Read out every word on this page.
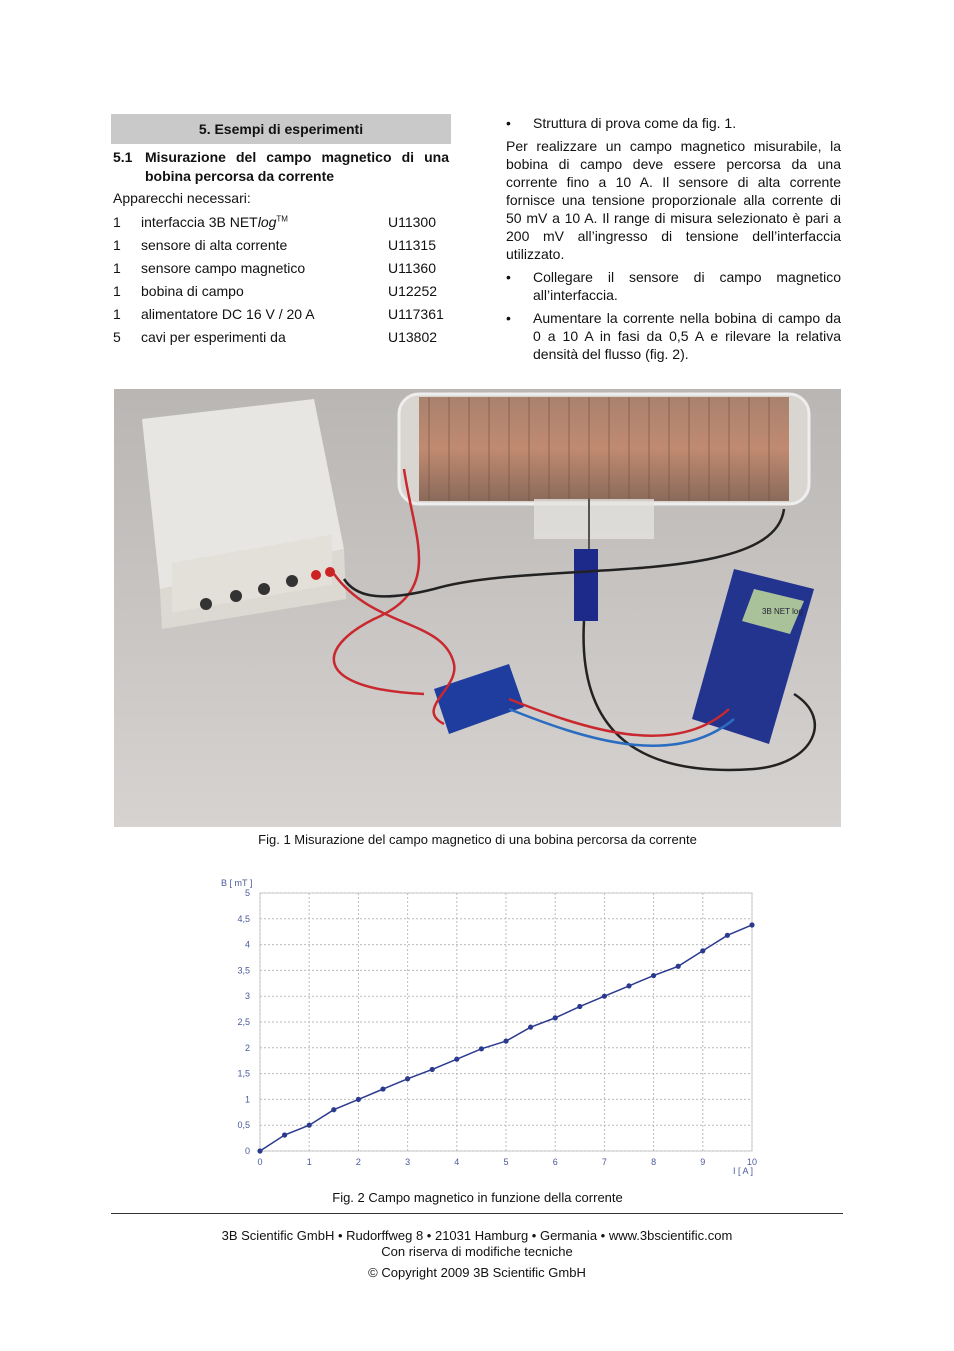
5. Esempi di esperimenti
5.1 Misurazione del campo magnetico di una bobina percorsa da corrente
Apparecchi necessari:
1	interfaccia 3B NETlog™	U11300
1	sensore di alta corrente	U11315
1	sensore campo magnetico	U11360
1	bobina di campo	U12252
1	alimentatore DC 16 V / 20 A	U117361
5	cavi per esperimenti da	U13802
• Struttura di prova come da fig. 1.
Per realizzare un campo magnetico misurabile, la bobina di campo deve essere percorsa da una corrente fino a 10 A. Il sensore di alta corrente fornisce una tensione proporzionale alla corrente di 50 mV a 10 A. Il range di misura selezionato è pari a 200 mV all’ingresso di tensione dell’interfaccia utilizzato.
• Collegare il sensore di campo magnetico all’interfaccia.
• Aumentare la corrente nella bobina di campo da 0 a 10 A in fasi da 0,5 A e rilevare la relativa densità del flusso (fig. 2).
3B NET log
Fig. 1 Misurazione del campo magnetico di una bobina percorsa da corrente
0	1	2	3	4	5	6	7	8	9	10
0
0,5
1
1,5
2
2,5
3
3,5
4
4,5
5
B [ mT ]
I [ A ]
Fig. 2 Campo magnetico in funzione della corrente
3B Scientific GmbH • Rudorffweg 8 • 21031 Hamburg • Germania • www.3bscientific.com
Con riserva di modifiche tecniche
© Copyright 2009 3B Scientific GmbH
